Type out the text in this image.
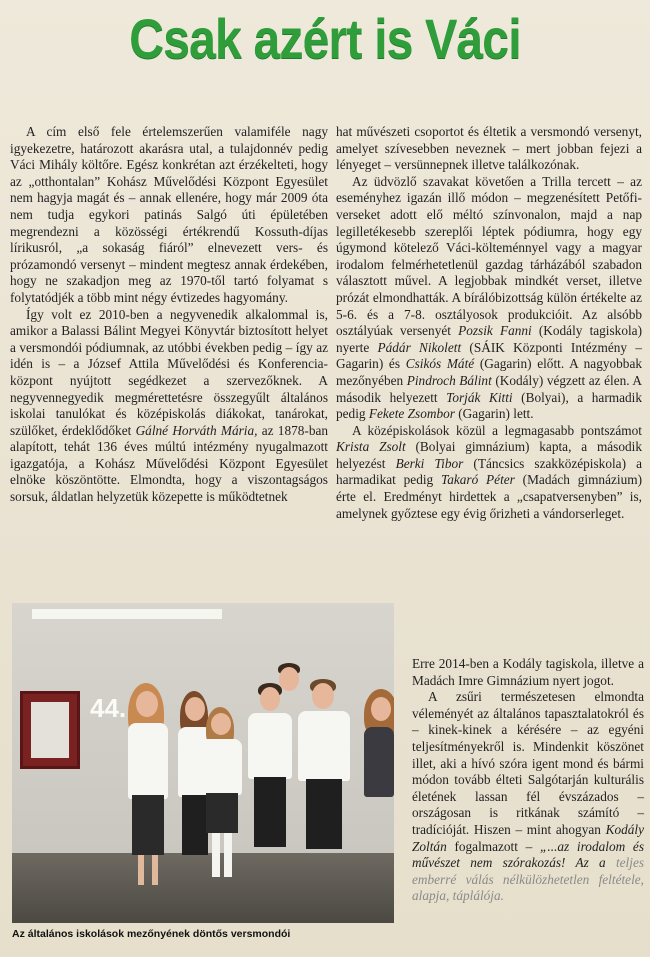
Csak azért is Váci

A cím első fele értelemszerűen valamiféle nagy igyekezetre, határozott akarásra utal, a tulajdonnév pedig Váci Mihály költőre. Egész konkrétan azt érzékelteti, hogy az „otthontalan” Kohász Művelődési Központ Egyesület nem hagyja magát és – annak ellenére, hogy már 2009 óta nem tudja egykori patinás Salgó úti épületében megrendezni a közösségi értékrendű Kossuth-díjas lírikusról, „a sokaság fiáról” elnevezett vers- és prózamondó versenyt – mindent megtesz annak érdekében, hogy ne szakadjon meg az 1970-től tartó folyamat s folytatódjék a több mint négy évtizedes hagyomány.

Így volt ez 2010-ben a negyvenedik alkalommal is, amikor a Balassi Bálint Megyei Könyvtár biztosított helyet a versmondói pódiumnak, az utóbbi években pedig – így az idén is – a József Attila Művelődési és Konferencia-központ nyújtott segédkezet a szervezőknek. A negyvennegyedik megmérettetésre összegyűlt általános iskolai tanulókat és középiskolás diákokat, tanárokat, szülőket, érdeklődőket Gálné Horváth Mária, az 1878-ban alapított, tehát 136 éves múltú intézmény nyugalmazott igazgatója, a Kohász Művelődési Központ Egyesület elnöke köszöntötte. Elmondta, hogy a viszontagságos sorsuk, áldatlan helyzetük közepette is működtetnek

hat művészeti csoportot és éltetik a versmondó versenyt, amelyet szívesebben neveznek – mert jobban fejezi a lényeget – versünnepnek illetve találkozónak.

Az üdvözlő szavakat követően a Trilla tercett – az eseményhez igazán illő módon – megzenésített Petőfi-verseket adott elő méltó színvonalon, majd a nap legilletékesebb szereplői léptek pódiumra, hogy egy úgymond kötelező Váci-költeménnyel vagy a magyar irodalom felmérhetetlenül gazdag tárházából szabadon választott művel. A legjobbak mindkét verset, illetve prózát elmondhatták. A bírálóbizottság külön értékelte az 5-6. és a 7-8. osztályosok produkcióit. Az alsóbb osztályúak versenyét Pozsik Fanni (Kodály tagiskola) nyerte Pádár Nikolett (SÁIK Központi Intézmény – Gagarin) és Csikós Máté (Gagarin) előtt. A nagyobbak mezőnyében Pindroch Bálint (Kodály) végzett az élen. A második helyezett Torják Kitti (Bolyai), a harmadik pedig Fekete Zsombor (Gagarin) lett.

A középiskolások közül a legmagasabb pontszámot Krista Zsolt (Bolyai gimnázium) kapta, a második helyezést Berki Tibor (Táncsics szakközépiskola) a harmadikat pedig Takaró Péter (Madách gimnázium) érte el. Eredményt hirdettek a „csapatversenyben” is, amelynek győztese egy évig őrizheti a vándorserleget.

Erre 2014-ben a Kodály tagiskola, illetve a Madách Imre Gimnázium nyert jogot.

A zsűri természetesen elmondta véleményét az általános tapasztalatokról és – kinek-kinek a kérésére – az egyéni teljesítményekről is. Mindenkit köszönet illet, aki a hívó szóra igent mond és bármi módon tovább élteti Salgótarján kulturális életének lassan fél évszázados – országosan is ritkának számító – tradícióját. Hiszen – mint ahogyan Kodály Zoltán fogalmazott – „...az irodalom és művészet nem szórakozás! Az a teljes emberré válás nélkülözhetetlen feltétele, alapja, táplálója.

44.
Az általános iskolások mezőnyének döntős versmondói
